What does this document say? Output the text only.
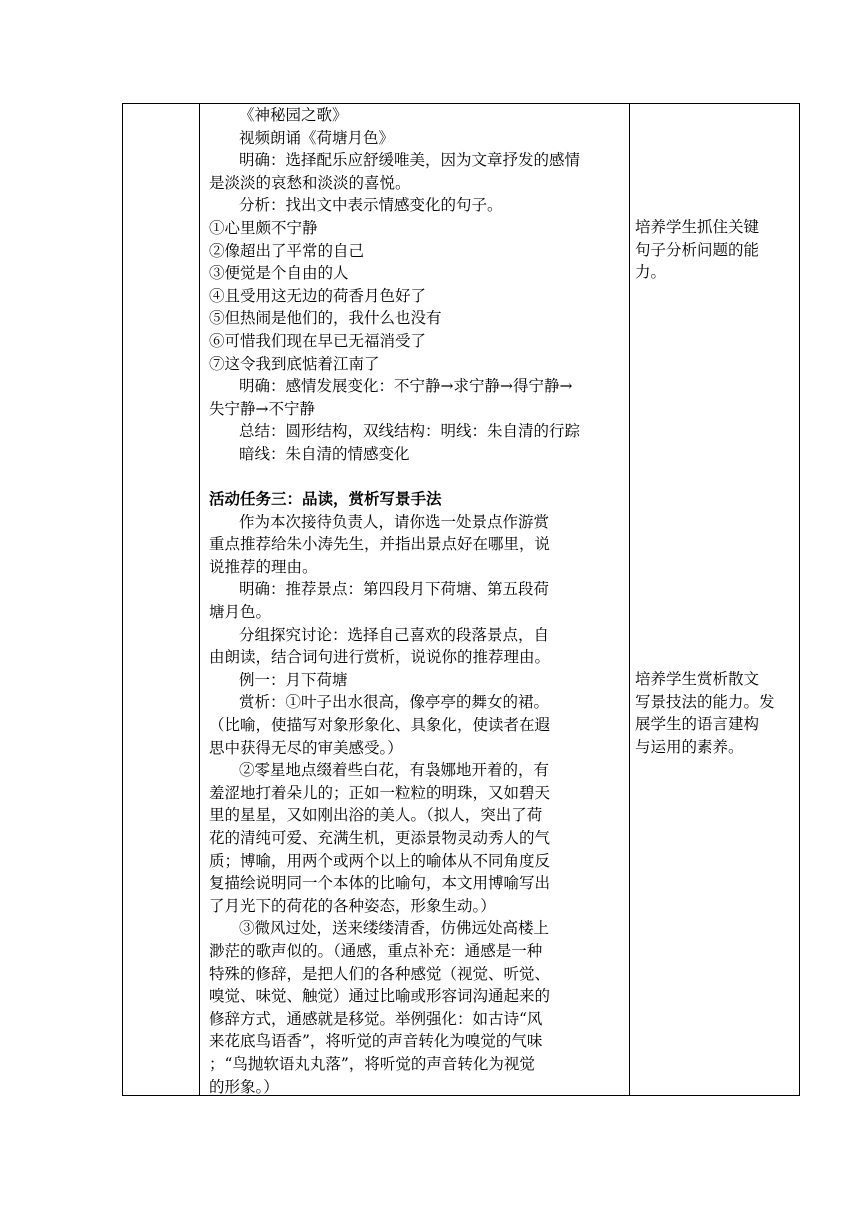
《神秘园之歌》
视频朗诵《荷塘月色》
明确：选择配乐应舒缓唯美，因为文章抒发的感情
是淡淡的哀愁和淡淡的喜悦。
分析：找出文中表示情感变化的句子。
①心里颇不宁静
②像超出了平常的自己
③便觉是个自由的人
④且受用这无边的荷香月色好了
⑤但热闹是他们的，我什么也没有
⑥可惜我们现在早已无福消受了
⑦这令我到底惦着江南了
明确：感情发展变化：不宁静→求宁静→得宁静→
失宁静→不宁静
总结：圆形结构，双线结构：明线：朱自清的行踪
暗线：朱自清的情感变化
活动任务三：品读，赏析写景手法
作为本次接待负责人，请你选一处景点作游赏
重点推荐给朱小涛先生，并指出景点好在哪里，说
说推荐的理由。
明确：推荐景点：第四段月下荷塘、第五段荷
塘月色。
分组探究讨论：选择自己喜欢的段落景点，自
由朗读，结合词句进行赏析，说说你的推荐理由。
例一：月下荷塘
赏析：①叶子出水很高，像亭亭的舞女的裙。
（比喻，使描写对象形象化、具象化，使读者在遐
思中获得无尽的审美感受。）
②零星地点缀着些白花，有袅娜地开着的，有
羞涩地打着朵儿的；正如一粒粒的明珠，又如碧天
里的星星，又如刚出浴的美人。（拟人，突出了荷
花的清纯可爱、充满生机，更添景物灵动秀人的气
质；博喻，用两个或两个以上的喻体从不同角度反
复描绘说明同一个本体的比喻句，本文用博喻写出
了月光下的荷花的各种姿态，形象生动。）
③微风过处，送来缕缕清香，仿佛远处高楼上
渺茫的歌声似的。（通感，重点补充：通感是一种
特殊的修辞，是把人们的各种感觉（视觉、听觉、
嗅觉、味觉、触觉）通过比喻或形容词沟通起来的
修辞方式，通感就是移觉。举例强化：如古诗“风
来花底鸟语香”，将听觉的声音转化为嗅觉的气味
；“鸟抛软语丸丸落”，将听觉的声音转化为视觉
的形象。）
培养学生抓住关键
句子分析问题的能
力。
培养学生赏析散文
写景技法的能力。发
展学生的语言建构
与运用的素养。
